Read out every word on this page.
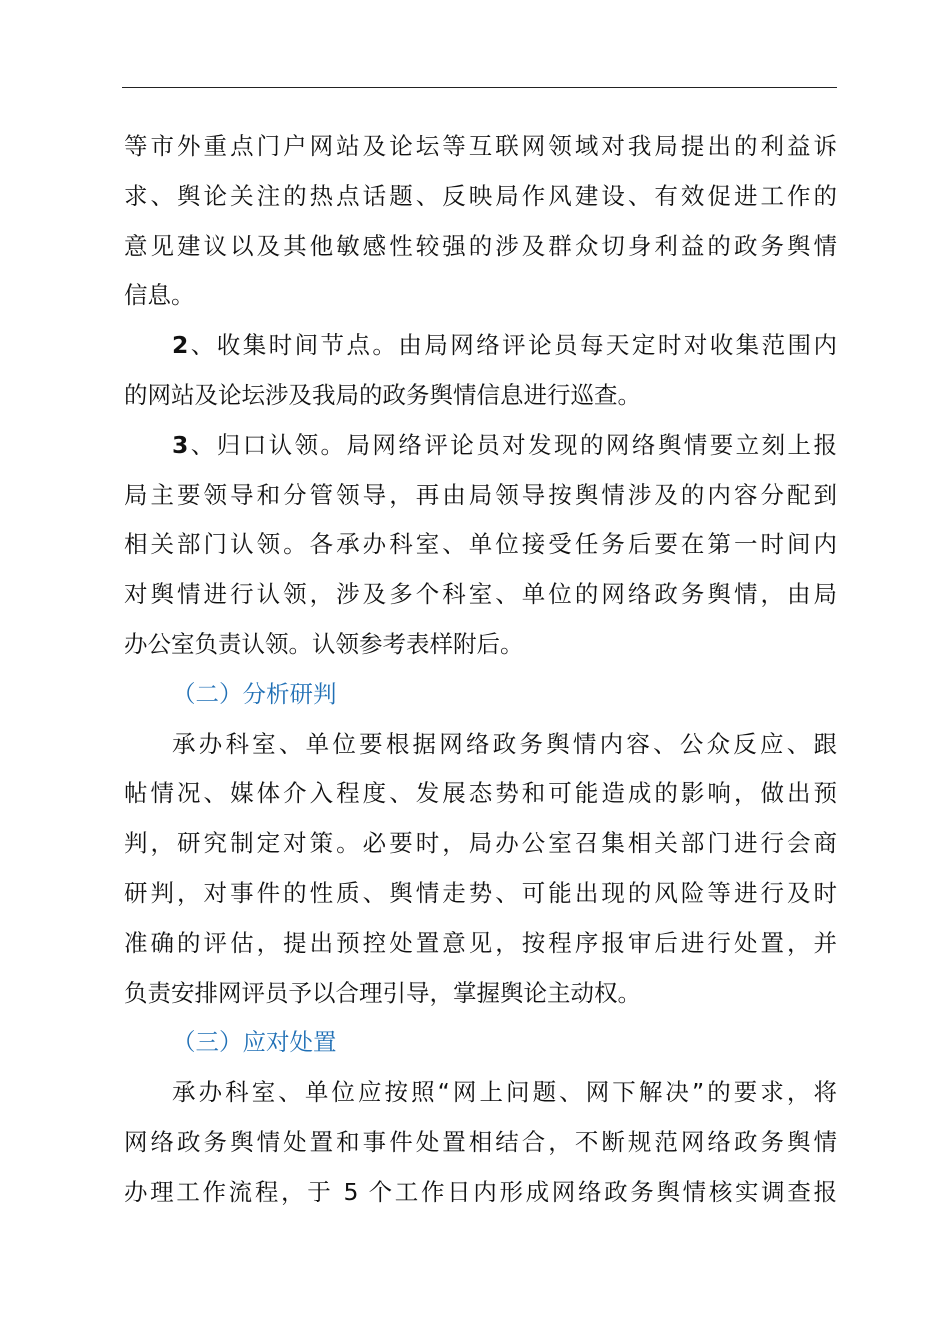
等市外重点门户网站及论坛等互联网领域对我局提出的利益诉
求、舆论关注的热点话题、反映局作风建设、有效促进工作的
意见建议以及其他敏感性较强的涉及群众切身利益的政务舆情
信息。
2、收集时间节点。由局网络评论员每天定时对收集范围内
的网站及论坛涉及我局的政务舆情信息进行巡查。
3、归口认领。局网络评论员对发现的网络舆情要立刻上报
局主要领导和分管领导，再由局领导按舆情涉及的内容分配到
相关部门认领。各承办科室、单位接受任务后要在第一时间内
对舆情进行认领，涉及多个科室、单位的网络政务舆情，由局
办公室负责认领。认领参考表样附后。
（二）分析研判
承办科室、单位要根据网络政务舆情内容、公众反应、跟
帖情况、媒体介入程度、发展态势和可能造成的影响，做出预
判，研究制定对策。必要时，局办公室召集相关部门进行会商
研判，对事件的性质、舆情走势、可能出现的风险等进行及时
准确的评估，提出预控处置意见，按程序报审后进行处置，并
负责安排网评员予以合理引导，掌握舆论主动权。
（三）应对处置
承办科室、单位应按照“网上问题、网下解决”的要求，将
网络政务舆情处置和事件处置相结合，不断规范网络政务舆情
办理工作流程，于 5 个工作日内形成网络政务舆情核实调查报
